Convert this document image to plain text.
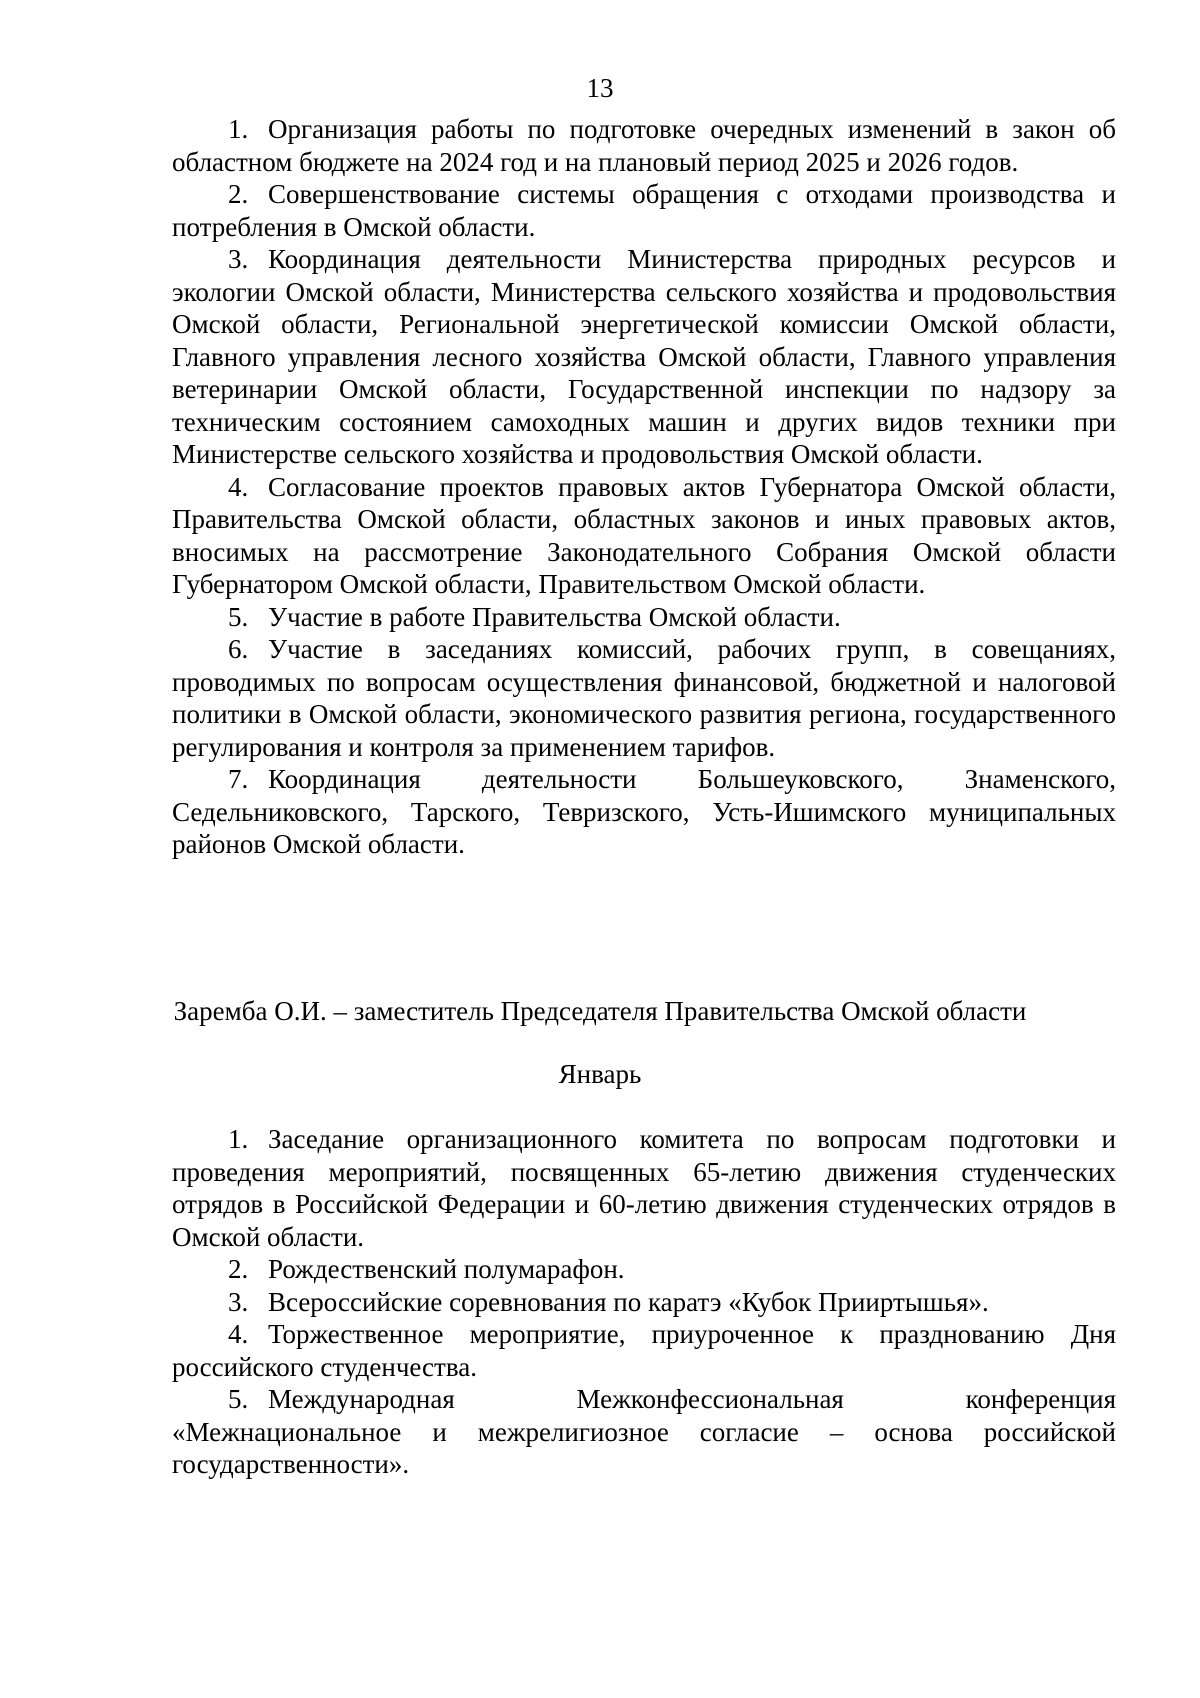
13

1. Организация работы по подготовке очередных изменений в закон об областном бюджете на 2024 год и на плановый период 2025 и 2026 годов.

2. Совершенствование системы обращения с отходами производства и потребления в Омской области.

3. Координация деятельности Министерства природных ресурсов и экологии Омской области, Министерства сельского хозяйства и продовольствия Омской области, Региональной энергетической комиссии Омской области, Главного управления лесного хозяйства Омской области, Главного управления ветеринарии Омской области, Государственной инспекции по надзору за техническим состоянием самоходных машин и других видов техники при Министерстве сельского хозяйства и продовольствия Омской области.

4. Согласование проектов правовых актов Губернатора Омской области, Правительства Омской области, областных законов и иных правовых актов, вносимых на рассмотрение Законодательного Собрания Омской области Губернатором Омской области, Правительством Омской области.

5. Участие в работе Правительства Омской области.

6. Участие в заседаниях комиссий, рабочих групп, в совещаниях, проводимых по вопросам осуществления финансовой, бюджетной и налоговой политики в Омской области, экономического развития региона, государственного регулирования и контроля за применением тарифов.

7. Координация деятельности Большеуковского, Знаменского, Седельниковского, Тарского, Тевризского, Усть-Ишимского муниципальных районов Омской области.

Заремба О.И. – заместитель Председателя Правительства Омской области
Январь

1. Заседание организационного комитета по вопросам подготовки и проведения мероприятий, посвященных 65-летию движения студенческих отрядов в Российской Федерации и 60-летию движения студенческих отрядов в Омской области.

2. Рождественский полумарафон.

3. Всероссийские соревнования по каратэ «Кубок Прииртышья».

4. Торжественное мероприятие, приуроченное к празднованию Дня российского студенчества.

5. Международная Межконфессиональная конференция «Межнациональное и межрелигиозное согласие – основа российской государственности».
